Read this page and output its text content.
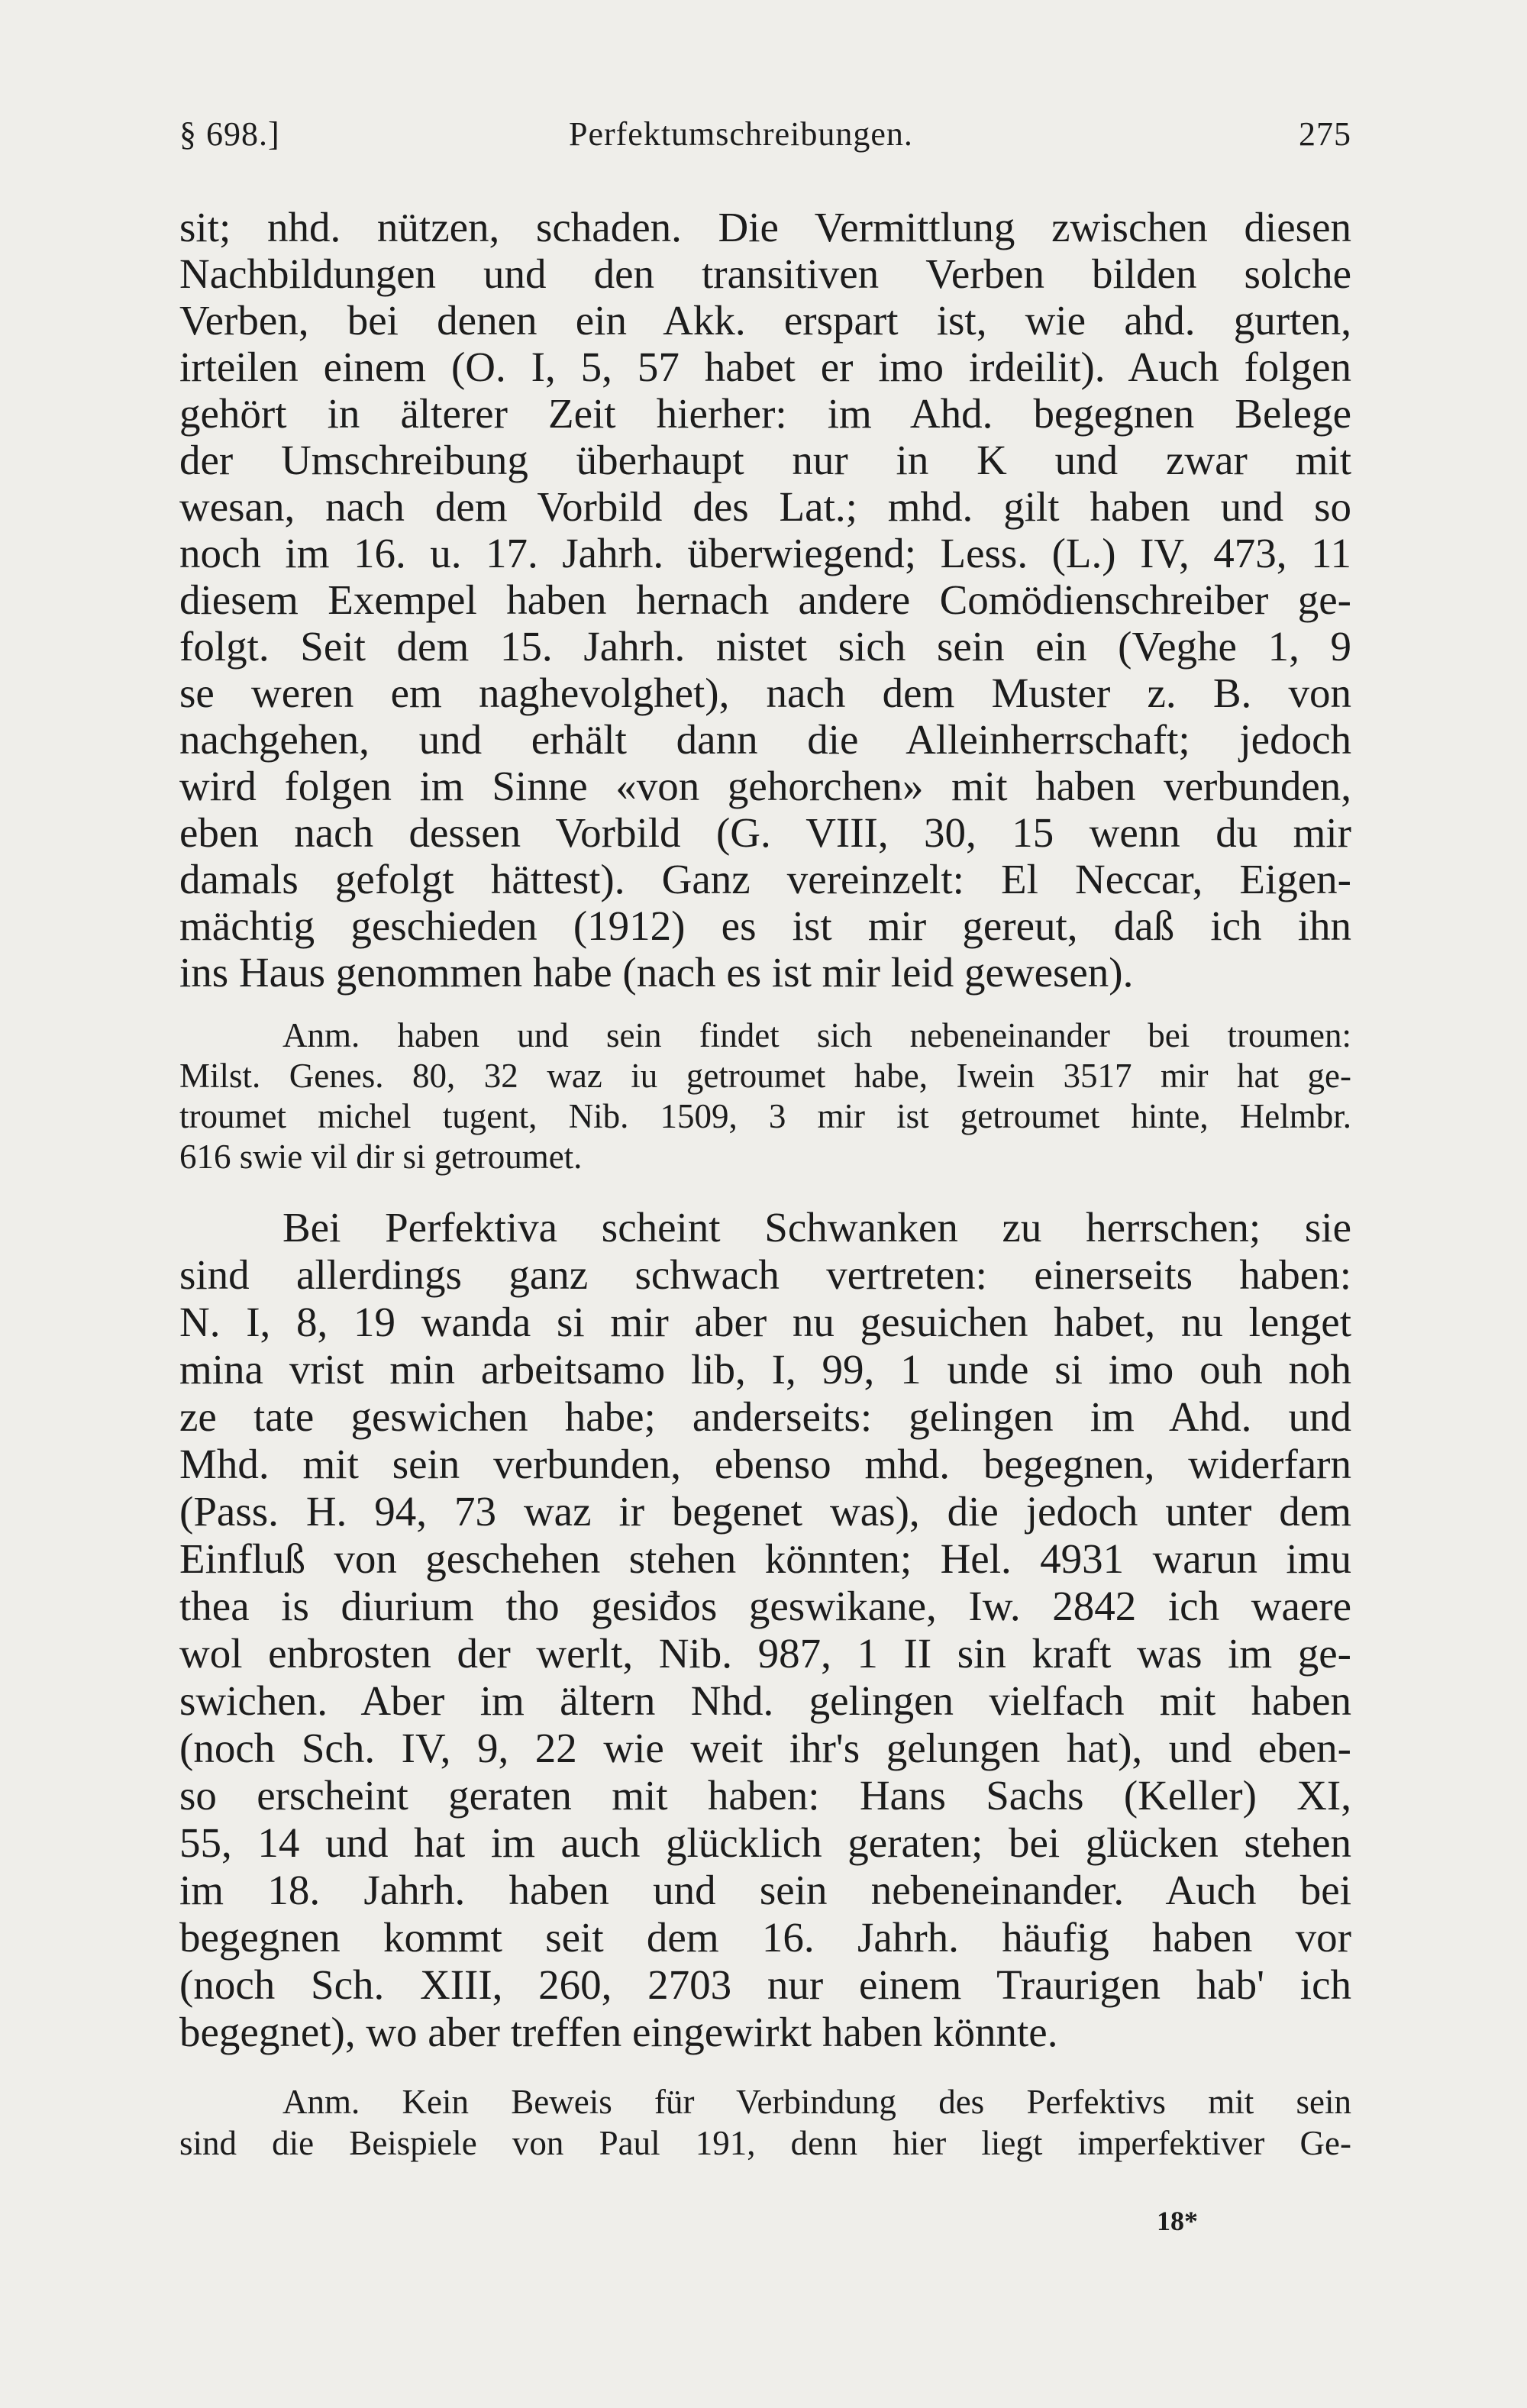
§ 698.]	Perfektumschreibungen.	275
sit; nhd. nützen, schaden. Die Vermittlung zwischen diesen
Nachbildungen und den transitiven Verben bilden solche
Verben, bei denen ein Akk. erspart ist, wie ahd. gurten,
irteilen einem (O. I, 5, 57 habet er imo irdeilit). Auch folgen
gehört in älterer Zeit hierher: im Ahd. begegnen Belege
der Umschreibung überhaupt nur in K und zwar mit
wesan, nach dem Vorbild des Lat.; mhd. gilt haben und so
noch im 16. u. 17. Jahrh. überwiegend; Less. (L.) IV, 473, 11
diesem Exempel haben hernach andere Comödienschreiber ge-
folgt. Seit dem 15. Jahrh. nistet sich sein ein (Veghe 1, 9
se weren em naghevolghet), nach dem Muster z. B. von
nachgehen, und erhält dann die Alleinherrschaft; jedoch
wird folgen im Sinne «von gehorchen» mit haben verbunden,
eben nach dessen Vorbild (G. VIII, 30, 15 wenn du mir
damals gefolgt hättest). Ganz vereinzelt: El Neccar, Eigen-
mächtig geschieden (1912) es ist mir gereut, daß ich ihn
ins Haus genommen habe (nach es ist mir leid gewesen).
Anm. haben und sein findet sich nebeneinander bei troumen:
Milst. Genes. 80, 32 waz iu getroumet habe, Iwein 3517 mir hat ge-
troumet michel tugent, Nib. 1509, 3 mir ist getroumet hinte, Helmbr.
616 swie vil dir si getroumet.
Bei Perfektiva scheint Schwanken zu herrschen; sie
sind allerdings ganz schwach vertreten: einerseits haben:
N. I, 8, 19 wanda si mir aber nu gesuichen habet, nu lenget
mina vrist min arbeitsamo lib, I, 99, 1 unde si imo ouh noh
ze tate geswichen habe; anderseits: gelingen im Ahd. und
Mhd. mit sein verbunden, ebenso mhd. begegnen, widerfarn
(Pass. H. 94, 73 waz ir begenet was), die jedoch unter dem
Einfluß von geschehen stehen könnten; Hel. 4931 warun imu
thea is diurium tho gesiđos geswikane, Iw. 2842 ich waere
wol enbrosten der werlt, Nib. 987, 1 II sin kraft was im ge-
swichen. Aber im ältern Nhd. gelingen vielfach mit haben
(noch Sch. IV, 9, 22 wie weit ihr's gelungen hat), und eben-
so erscheint geraten mit haben: Hans Sachs (Keller) XI,
55, 14 und hat im auch glücklich geraten; bei glücken stehen
im 18. Jahrh. haben und sein nebeneinander. Auch bei
begegnen kommt seit dem 16. Jahrh. häufig haben vor
(noch Sch. XIII, 260, 2703 nur einem Traurigen hab' ich
begegnet), wo aber treffen eingewirkt haben könnte.
Anm. Kein Beweis für Verbindung des Perfektivs mit sein
sind die Beispiele von Paul 191, denn hier liegt imperfektiver Ge-
18*
